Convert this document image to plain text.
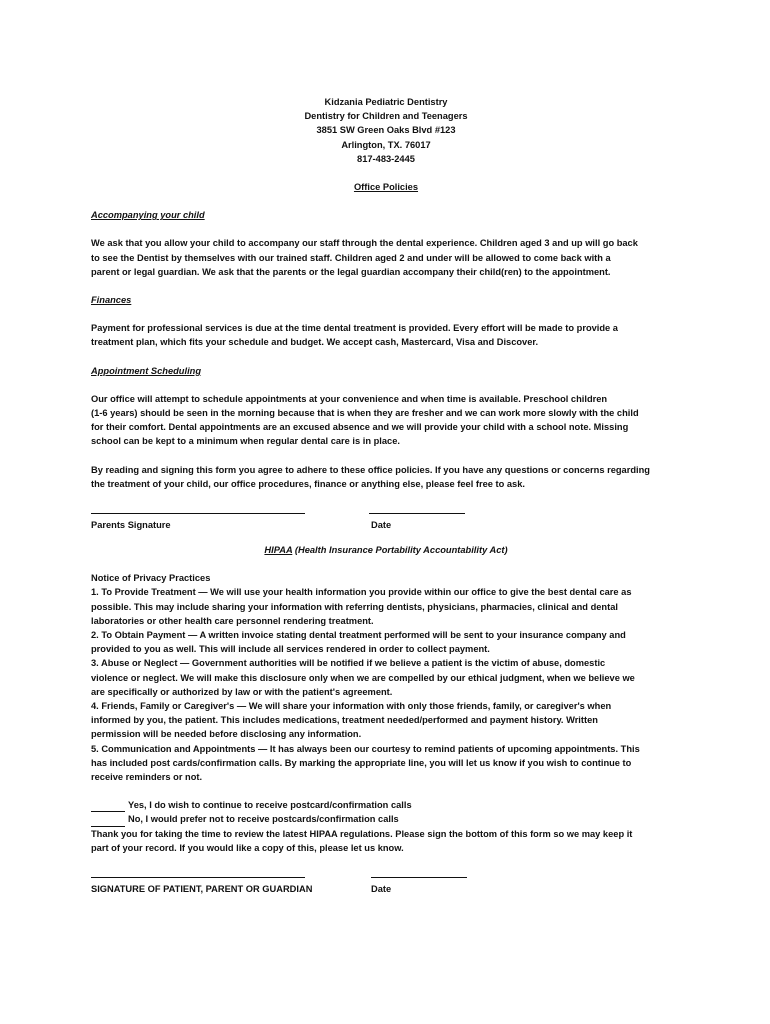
Kidzania Pediatric Dentistry
Dentistry for Children and Teenagers
3851 SW Green Oaks Blvd #123
Arlington, TX. 76017
817-483-2445
Office Policies
Accompanying your child
We ask that you allow your child to accompany our staff through the dental experience. Children aged 3 and up will go back
to see the Dentist by themselves with our trained staff. Children aged 2 and under will be allowed to come back with a
parent or legal guardian. We ask that the parents or the legal guardian accompany their child(ren) to the appointment.
Finances
Payment for professional services is due at the time dental treatment is provided. Every effort will be made to provide a
treatment plan, which fits your schedule and budget. We accept cash, Mastercard, Visa and Discover.
Appointment Scheduling
Our office will attempt to schedule appointments at your convenience and when time is available. Preschool children
(1-6 years) should be seen in the morning because that is when they are fresher and we can work more slowly with the child
for their comfort. Dental appointments are an excused absence and we will provide your child with a school note. Missing
school can be kept to a minimum when regular dental care is in place.
By reading and signing this form you agree to adhere to these office policies. If you have any questions or concerns regarding
the treatment of your child, our office procedures, finance or anything else, please feel free to ask.
Parents Signature	Date
HIPAA (Health Insurance Portability Accountability Act)
Notice of Privacy Practices
1. To Provide Treatment — We will use your health information you provide within our office to give the best dental care as
possible. This may include sharing your information with referring dentists, physicians, pharmacies, clinical and dental
laboratories or other health care personnel rendering treatment.
2. To Obtain Payment — A written invoice stating dental treatment performed will be sent to your insurance company and
provided to you as well. This will include all services rendered in order to collect payment.
3. Abuse or Neglect — Government authorities will be notified if we believe a patient is the victim of abuse, domestic
violence or neglect. We will make this disclosure only when we are compelled by our ethical judgment, when we believe we
are specifically or authorized by law or with the patient's agreement.
4. Friends, Family or Caregiver's — We will share your information with only those friends, family, or caregiver's when
informed by you, the patient. This includes medications, treatment needed/performed and payment history. Written
permission will be needed before disclosing any information.
5. Communication and Appointments — It has always been our courtesy to remind patients of upcoming appointments. This
has included post cards/confirmation calls. By marking the appropriate line, you will let us know if you wish to continue to
receive reminders or not.
Yes, I do wish to continue to receive postcard/confirmation calls
No, I would prefer not to receive postcards/confirmation calls
Thank you for taking the time to review the latest HIPAA regulations. Please sign the bottom of this form so we may keep it
part of your record. If you would like a copy of this, please let us know.
SIGNATURE OF PATIENT, PARENT OR GUARDIAN	Date
